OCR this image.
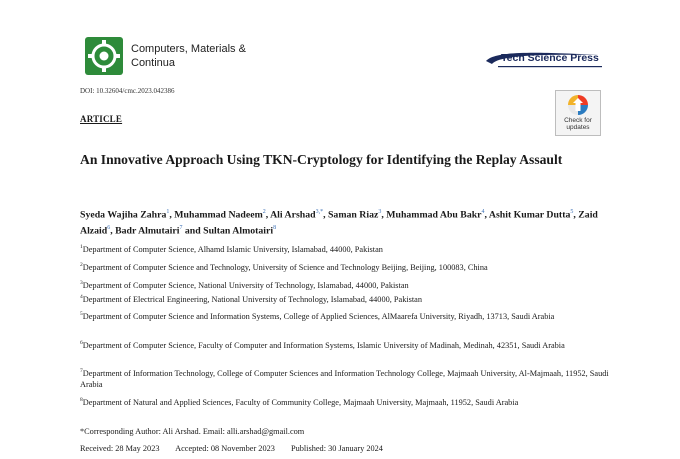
Computers, Materials &
Continua	Tech Science Press
DOI: 10.32604/cmc.2023.042386
ARTICLE	Check for
updates
An Innovative Approach Using TKN-Cryptology for Identifying the Replay Assault
Syeda Wajiha Zahra$^1$, Muhammad Nadeem$^2$, Ali Arshad$^{3,*}$, Saman Riaz$^3$, Muhammad Abu Bakr$^4$, Ashit Kumar Dutta$^5$, Zaid Alzaid$^6$, Badr Almutairi$^7$ and Sultan Almotairi$^8$
$^1$Department of Computer Science, Alhamd Islamic University, Islamabad, 44000, Pakistan
$^2$Department of Computer Science and Technology, University of Science and Technology Beijing, Beijing, 100083, China
$^3$Department of Computer Science, National University of Technology, Islamabad, 44000, Pakistan
$^4$Department of Electrical Engineering, National University of Technology, Islamabad, 44000, Pakistan
$^5$Department of Computer Science and Information Systems, College of Applied Sciences, AlMaarefa University, Riyadh, 13713, Saudi Arabia
$^6$Department of Computer Science, Faculty of Computer and Information Systems, Islamic University of Madinah, Medinah, 42351, Saudi Arabia
$^7$Department of Information Technology, College of Computer Sciences and Information Technology College, Majmaah University, Al-Majmaah, 11952, Saudi Arabia
$^8$Department of Natural and Applied Sciences, Faculty of Community College, Majmaah University, Majmaah, 11952, Saudi Arabia
*Corresponding Author: Ali Arshad. Email: alli.arshad@gmail.com
Received: 28 May 2023 Accepted: 08 November 2023 Published: 30 January 2024
